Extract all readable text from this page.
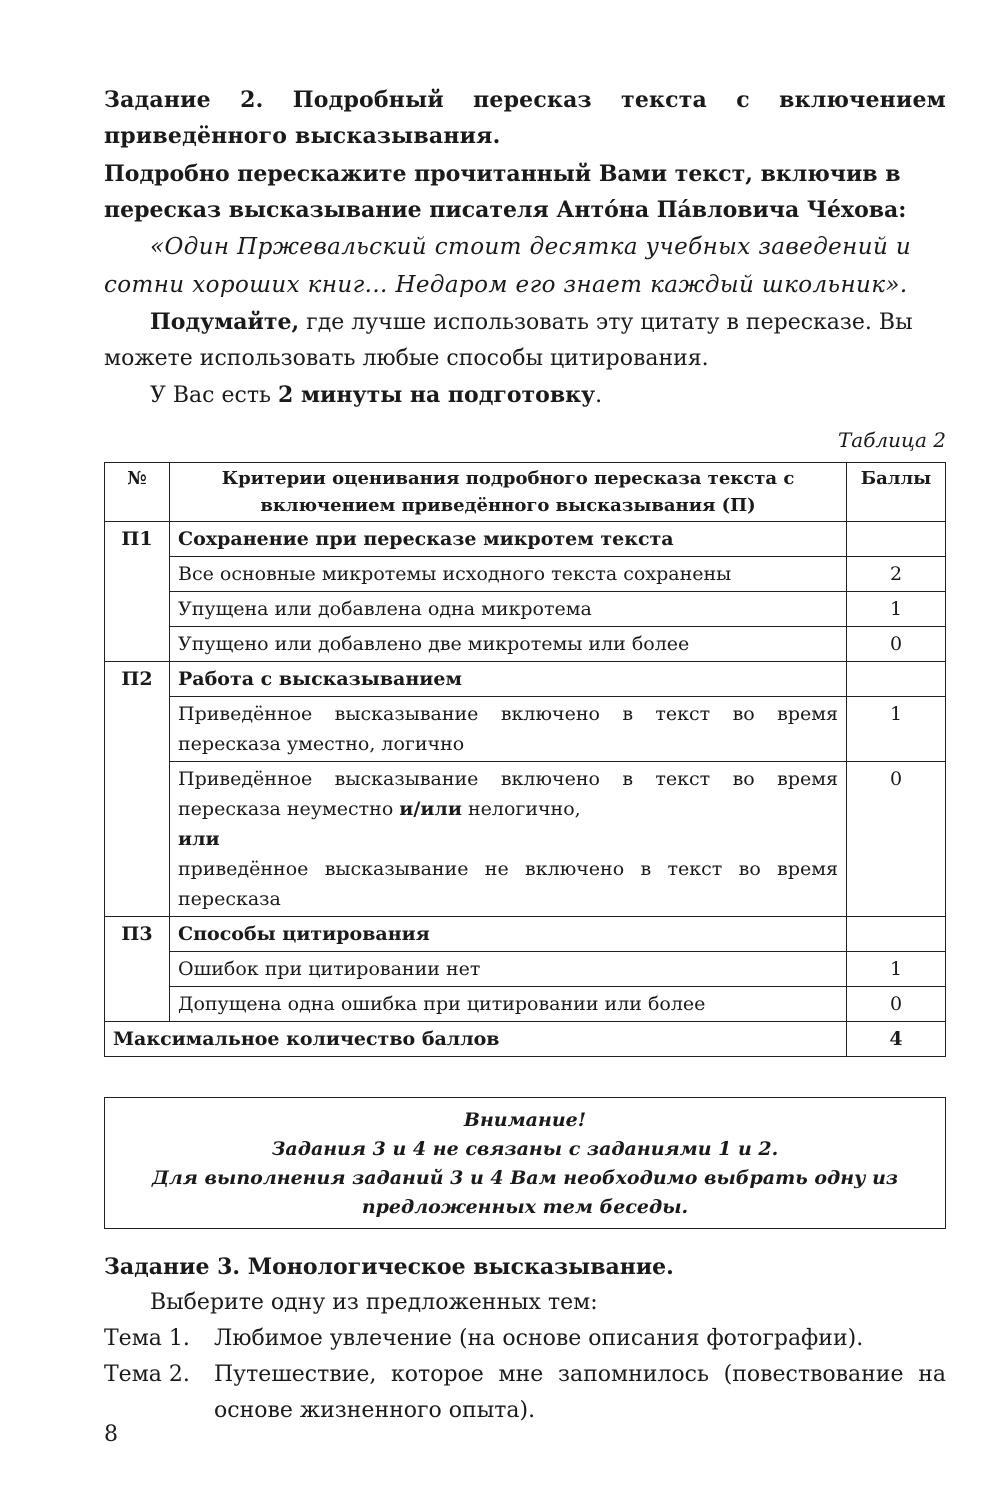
Задание 2. Подробный пересказ текста с включением приведённого высказывания.
Подробно перескажите прочитанный Вами текст, включив в пересказ высказывание писателя Антóна Пáвловича Чéхова:
«Один Пржевальский стоит десятка учебных заведений и сотни хороших книг... Недаром его знает каждый школьник».
Подумайте, где лучше использовать эту цитату в пересказе. Вы можете использовать любые способы цитирования.
У Вас есть 2 минуты на подготовку.
Таблица 2
№	Критерии оценивания подробного пересказа текста с включением приведённого высказывания (П)	Баллы
П1	Сохранение при пересказе микротем текста	
	Все основные микротемы исходного текста сохранены	2
	Упущена или добавлена одна микротема	1
	Упущено или добавлено две микротемы или более	0
П2	Работа с высказыванием	
	Приведённое высказывание включено в текст во время пересказа уместно, логично	1
	Приведённое высказывание включено в текст во время пересказа неуместно и/или нелогично,
или
приведённое высказывание не включено в текст во время пересказа	0
П3	Способы цитирования	
	Ошибок при цитировании нет	1
	Допущена одна ошибка при цитировании или более	0
Максимальное количество баллов		4
Внимание!
Задания 3 и 4 не связаны с заданиями 1 и 2.
Для выполнения заданий 3 и 4 Вам необходимо выбрать одну из предложенных тем беседы.
Задание 3. Монологическое высказывание.
Выберите одну из предложенных тем:
Тема 1.	Любимое увлечение (на основе описания фотографии).
Тема 2.	Путешествие, которое мне запомнилось (повествование на основе жизненного опыта).
8
